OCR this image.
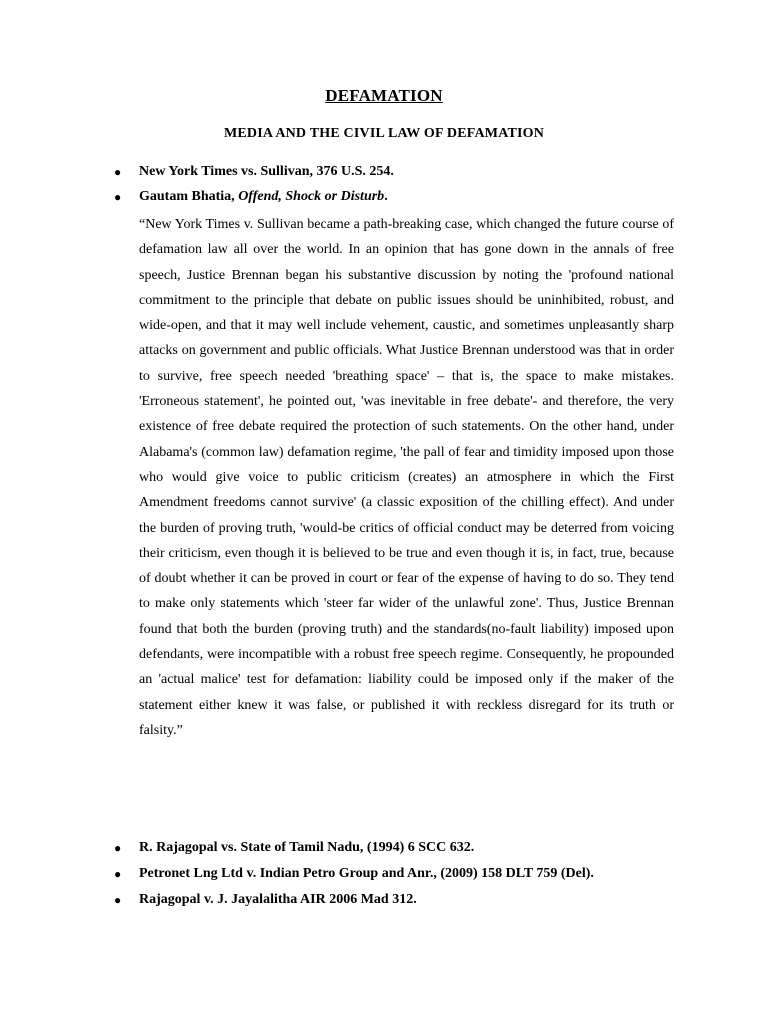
DEFAMATION
MEDIA AND THE CIVIL LAW OF DEFAMATION
● New York Times vs. Sullivan, 376 U.S. 254.
● Gautam Bhatia, Offend, Shock or Disturb.
“New York Times v. Sullivan became a path-breaking case, which changed the future course of defamation law all over the world. In an opinion that has gone down in the annals of free speech, Justice Brennan began his substantive discussion by noting the 'profound national commitment to the principle that debate on public issues should be uninhibited, robust, and wide-open, and that it may well include vehement, caustic, and sometimes unpleasantly sharp attacks on government and public officials. What Justice Brennan understood was that in order to survive, free speech needed 'breathing space' – that is, the space to make mistakes. 'Erroneous statement', he pointed out, 'was inevitable in free debate'- and therefore, the very existence of free debate required the protection of such statements. On the other hand, under Alabama's (common law) defamation regime, 'the pall of fear and timidity imposed upon those who would give voice to public criticism (creates) an atmosphere in which the First Amendment freedoms cannot survive' (a classic exposition of the chilling effect). And under the burden of proving truth, 'would-be critics of official conduct may be deterred from voicing their criticism, even though it is believed to be true and even though it is, in fact, true, because of doubt whether it can be proved in court or fear of the expense of having to do so. They tend to make only statements which 'steer far wider of the unlawful zone'. Thus, Justice Brennan found that both the burden (proving truth) and the standards(no-fault liability) imposed upon defendants, were incompatible with a robust free speech regime. Consequently, he propounded an 'actual malice' test for defamation: liability could be imposed only if the maker of the statement either knew it was false, or published it with reckless disregard for its truth or falsity.”
● R. Rajagopal vs. State of Tamil Nadu, (1994) 6 SCC 632.
● Petronet Lng Ltd v. Indian Petro Group and Anr., (2009) 158 DLT 759 (Del).
● Rajagopal v. J. Jayalalitha AIR 2006 Mad 312.
